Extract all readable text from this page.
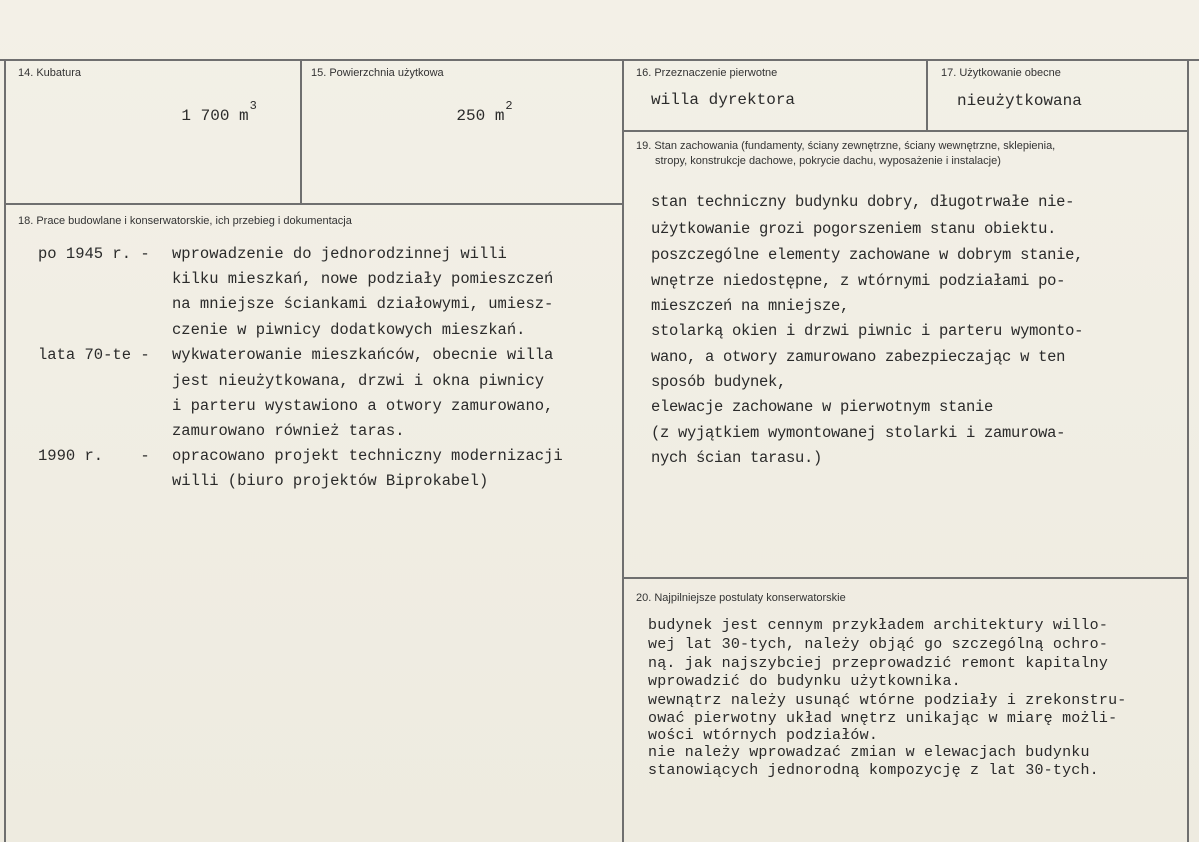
14. Kubatura

1 700 $m^3$

15. Powierzchnia użytkowa

250 $m^2$

16. Przeznaczenie pierwotne
willa dyrektora
17. Użytkowanie obecne
nieużytkowana
19. Stan zachowania (fundamenty, ściany zewnętrzne, ściany wewnętrzne, sklepienia,
stropy, konstrukcje dachowe, pokrycie dachu, wyposażenie i instalacje)
stan techniczny budynku dobry, długotrwałe nie-
użytkowanie grozi pogorszeniem stanu obiektu.
poszczególne elementy zachowane w dobrym stanie,
wnętrze niedostępne, z wtórnymi podziałami po-
mieszczeń na mniejsze,
stolarką okien i drzwi piwnic i parteru wymonto-
wano, a otwory zamurowano zabezpieczając w ten
sposób budynek,
elewacje zachowane w pierwotnym stanie
(z wyjątkiem wymontowanej stolarki i zamurowa-
nych ścian tarasu.)
18. Prace budowlane i konserwatorskie, ich przebieg i dokumentacja
po 1945 r. - wprowadzenie do jednorodzinnej willi
kilku mieszkań, nowe podziały pomieszczeń
na mniejsze ściankami działowymi, umiesz-
czenie w piwnicy dodatkowych mieszkań.
lata 70-te - wykwaterowanie mieszkańców, obecnie willa
jest nieużytkowana, drzwi i okna piwnicy
i parteru wystawiono a otwory zamurowano,
zamurowano również taras.
1990 r.    - opracowano projekt techniczny modernizacji
willi (biuro projektów Biprokabel)
20. Najpilniejsze postulaty konserwatorskie
budynek jest cennym przykładem architektury willo-
wej lat 30-tych, należy objąć go szczególną ochro-
ną. jak najszybciej przeprowadzić remont kapitalny
wprowadzić do budynku użytkownika.
wewnątrz należy usunąć wtórne podziały i zrekonstru-
ować pierwotny układ wnętrz unikając w miarę możli-
wości wtórnych podziałów.
nie należy wprowadzać zmian w elewacjach budynku
stanowiących jednorodną kompozycję z lat 30-tych.
